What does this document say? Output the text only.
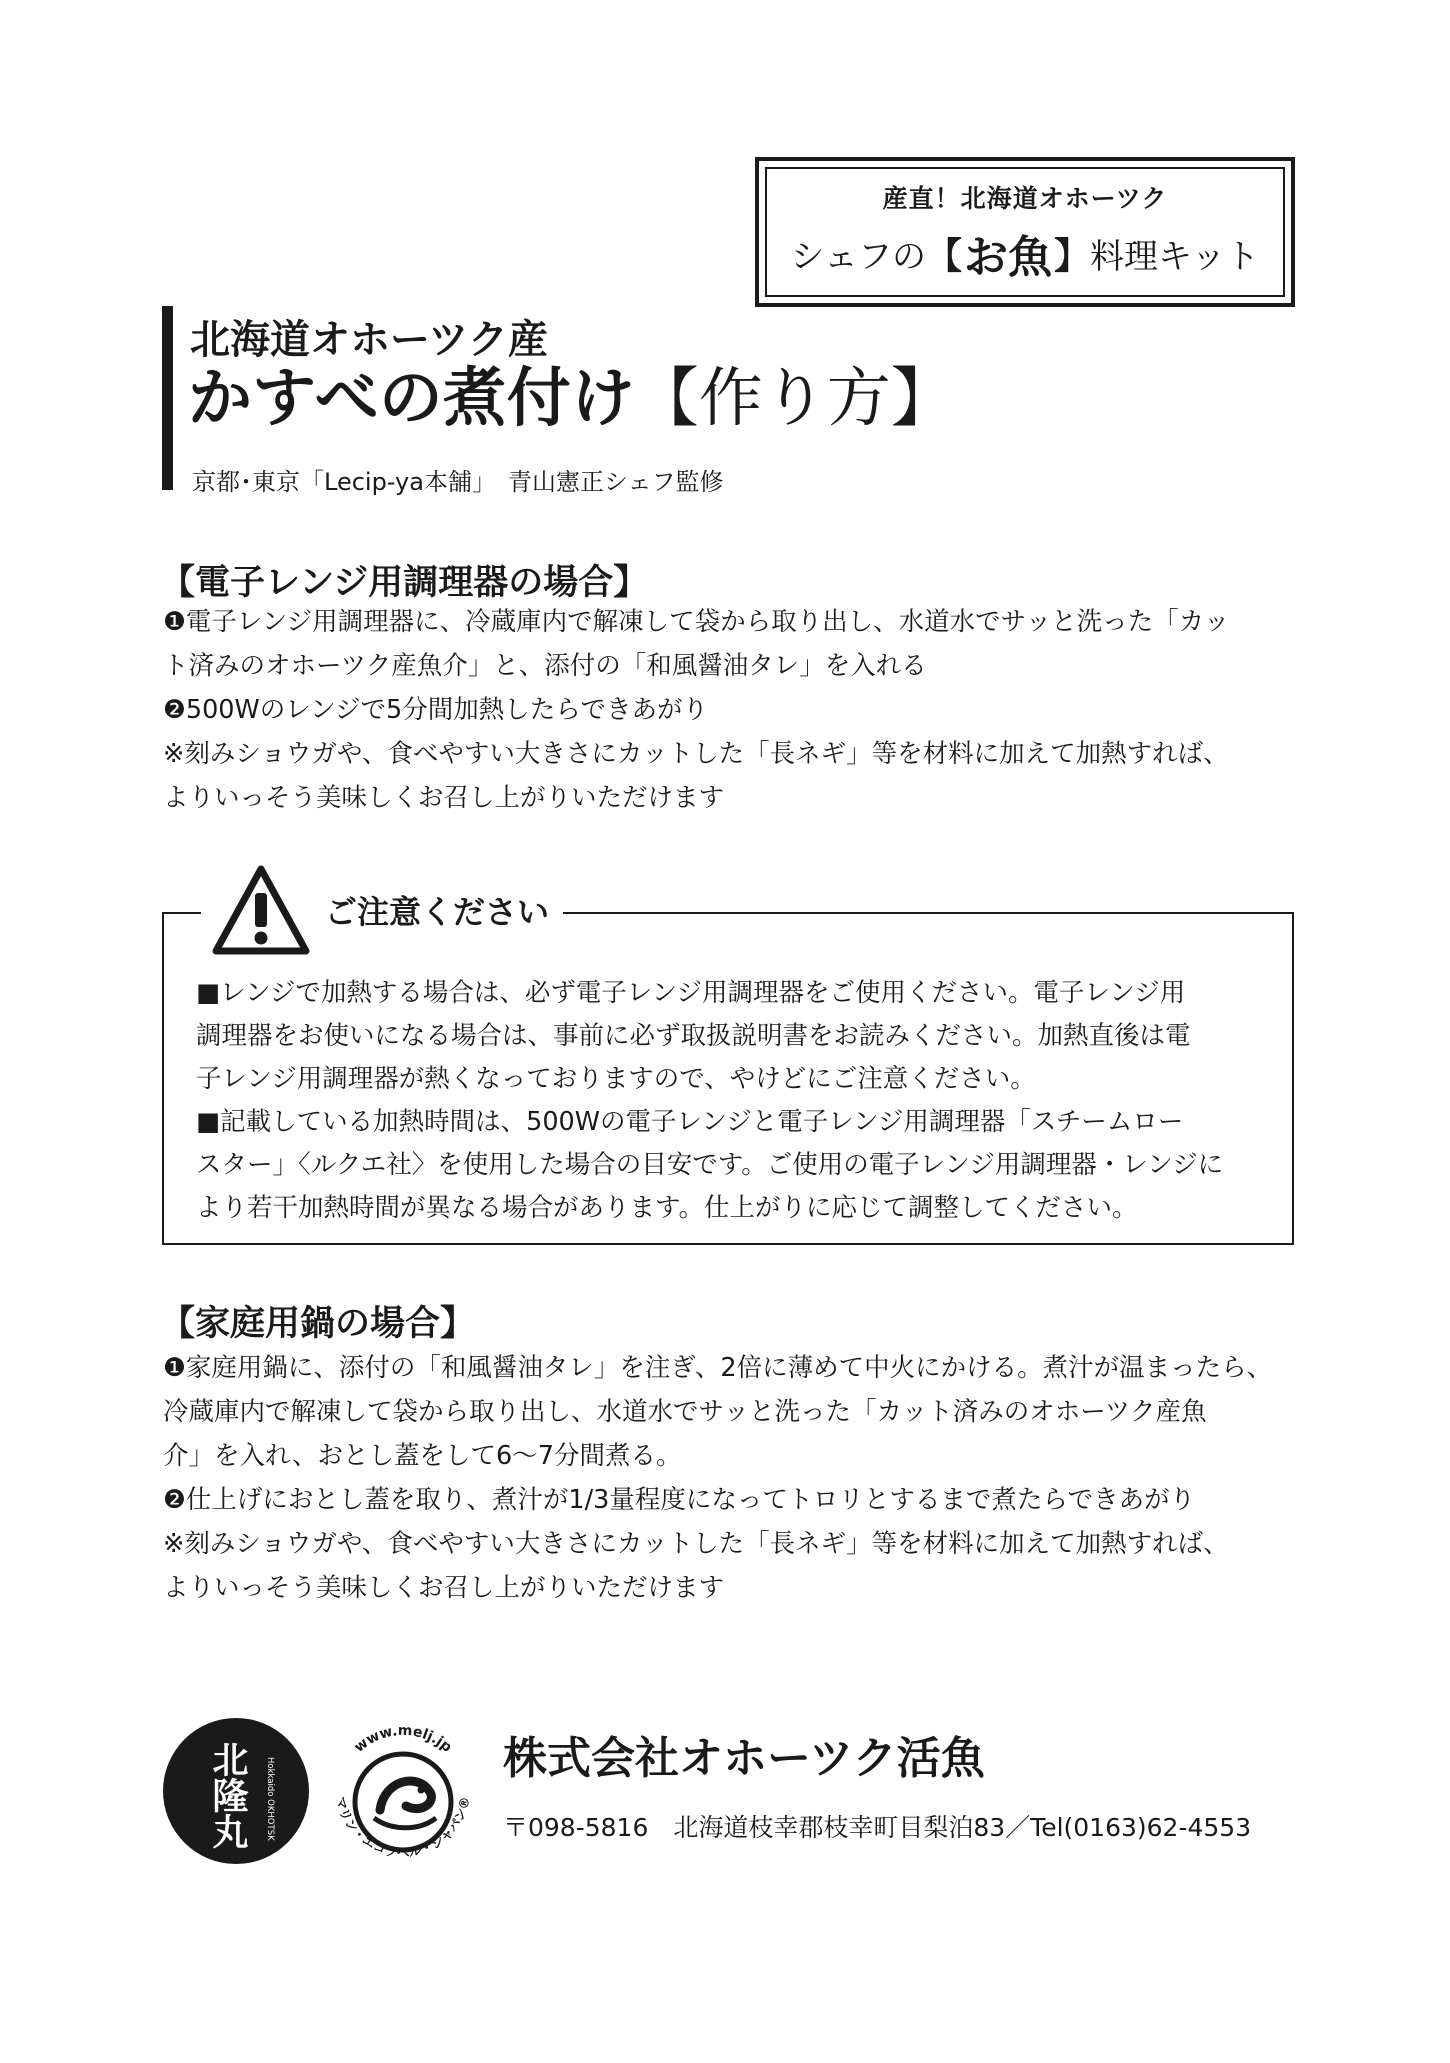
産直！北海道オホーツク
シェフの 【 お魚 】 料理キット
北海道オホーツク産
かすべの煮付け【作り方】
京都･東京「Lecip-ya本舗」　青山憲正シェフ監修
【電子レンジ用調理器の場合】

❶電子レンジ用調理器に、冷蔵庫内で解凍して袋から取り出し、水道水でサッと洗った「カッ

ト済みのオホーツク産魚介」と、添付の「和風醤油タレ」を入れる

❷500Wのレンジで5分間加熱したらできあがり

※刻みショウガや、食べやすい大きさにカットした「長ネギ」等を材料に加えて加熱すれば、

よりいっそう美味しくお召し上がりいただけます

ご注意ください

■レンジで加熱する場合は、必ず電子レンジ用調理器をご使用ください。電子レンジ用

調理器をお使いになる場合は、事前に必ず取扱説明書をお読みください。加熱直後は電

子レンジ用調理器が熱くなっておりますので、やけどにご注意ください。

■記載している加熱時間は、500Wの電子レンジと電子レンジ用調理器「スチームロー

スター」〈ルクエ社〉を使用した場合の目安です。ご使用の電子レンジ用調理器・レンジに

より若干加熱時間が異なる場合があります。仕上がりに応じて調整してください。

【家庭用鍋の場合】

❶家庭用鍋に、添付の「和風醤油タレ」を注ぎ、2倍に薄めて中火にかける。煮汁が温まったら、

冷蔵庫内で解凍して袋から取り出し、水道水でサッと洗った「カット済みのオホーツク産魚

介」を入れ、おとし蓋をして6〜7分間煮る。

❷仕上げにおとし蓋を取り、煮汁が1/3量程度になってトロリとするまで煮たらできあがり

※刻みショウガや、食べやすい大きさにカットした「長ネギ」等を材料に加えて加熱すれば、

よりいっそう美味しくお召し上がりいただけます

北隆丸 Hokkaido OKHOTSK
www.melj.jp
マリン・エコラベル・ジャパン®
株式会社オホーツク活魚
〒098-5816　北海道枝幸郡枝幸町目梨泊83／Tel(0163)62-4553
